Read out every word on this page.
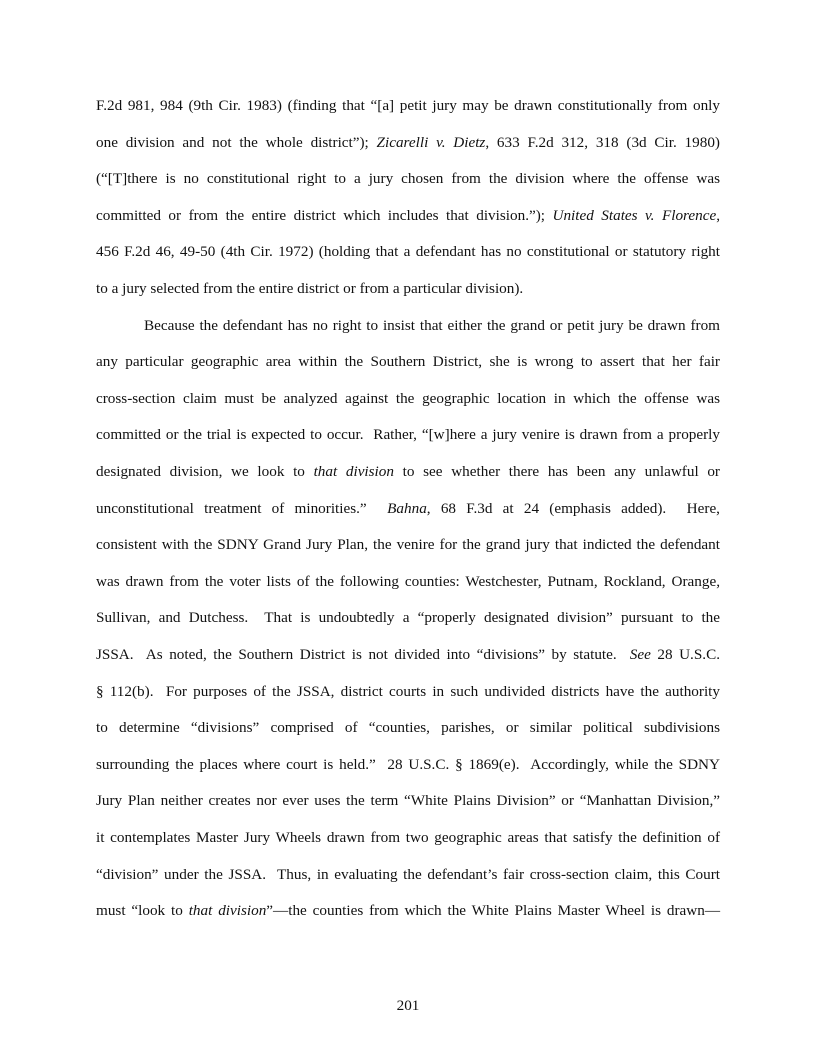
F.2d 981, 984 (9th Cir. 1983) (finding that “[a] petit jury may be drawn constitutionally from only
one division and not the whole district”); Zicarelli v. Dietz, 633 F.2d 312, 318 (3d Cir. 1980)
(“[T]there is no constitutional right to a jury chosen from the division where the offense was
committed or from the entire district which includes that division.”); United States v. Florence,
456 F.2d 46, 49-50 (4th Cir. 1972) (holding that a defendant has no constitutional or statutory right
to a jury selected from the entire district or from a particular division).
Because the defendant has no right to insist that either the grand or petit jury be drawn from
any particular geographic area within the Southern District, she is wrong to assert that her fair
cross-section claim must be analyzed against the geographic location in which the offense was
committed or the trial is expected to occur.  Rather, “[w]here a jury venire is drawn from a properly
designated division, we look to that division to see whether there has been any unlawful or
unconstitutional treatment of minorities.”  Bahna, 68 F.3d at 24 (emphasis added).  Here,
consistent with the SDNY Grand Jury Plan, the venire for the grand jury that indicted the defendant
was drawn from the voter lists of the following counties: Westchester, Putnam, Rockland, Orange,
Sullivan, and Dutchess.  That is undoubtedly a “properly designated division” pursuant to the
JSSA.  As noted, the Southern District is not divided into “divisions” by statute.  See 28 U.S.C.
§ 112(b).  For purposes of the JSSA, district courts in such undivided districts have the authority
to determine “divisions” comprised of “counties, parishes, or similar political subdivisions
surrounding the places where court is held.”  28 U.S.C. § 1869(e).  Accordingly, while the SDNY
Jury Plan neither creates nor ever uses the term “White Plains Division” or “Manhattan Division,”
it contemplates Master Jury Wheels drawn from two geographic areas that satisfy the definition of
“division” under the JSSA.  Thus, in evaluating the defendant’s fair cross-section claim, this Court
must “look to that division”—the counties from which the White Plains Master Wheel is drawn—
201
